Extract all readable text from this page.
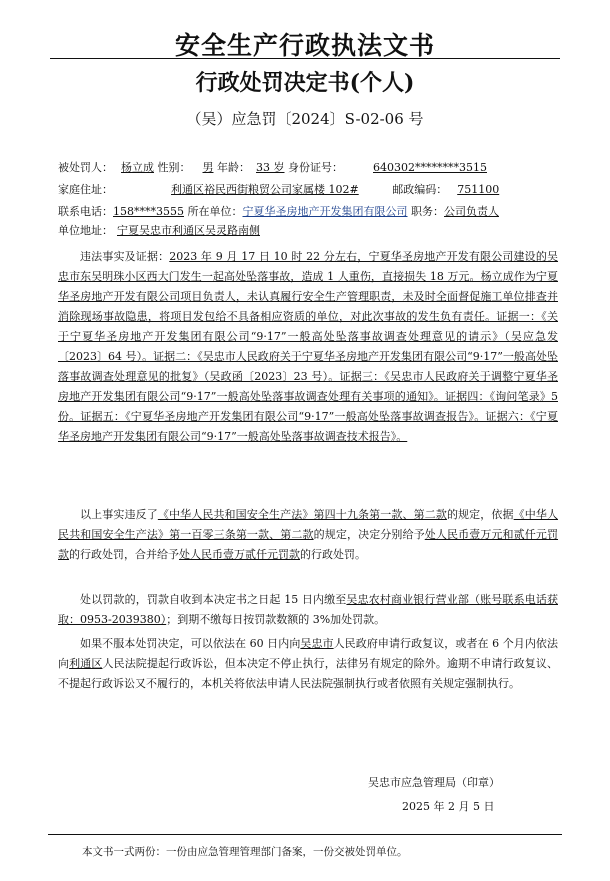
安全生产行政执法文书
行政处罚决定书(个人)
（吴）应急罚〔2024〕S-02-06 号
被处罚人： 杨立成 性别： 男 年龄： 33 岁 身份证号：	640302********3515
家庭住址：	利通区裕民西街粮贸公司家属楼 102#	邮政编码： 751100
联系电话：158****3555 所在单位：宁夏华圣房地产开发集团有限公司 职务：公司负责人
单位地址： 宁夏吴忠市利通区吴灵路南侧

违法事实及证据：2023 年 9 月 17 日 10 时 22 分左右，宁夏华圣房地产开发有限公司建设的吴忠市东吴明珠小区西大门发生一起高处坠落事故，造成 1 人重伤，直接损失 18 万元。杨立成作为宁夏华圣房地产开发有限公司项目负责人，未认真履行安全生产管理职责，未及时全面督促施工单位排查并消除现场事故隐患，将项目发包给不具备相应资质的单位，对此次事故的发生负有责任。证据一：《关于宁夏华圣房地产开发集团有限公司“9·17”一般高处坠落事故调查处理意见的请示》（吴应急发〔2023〕64 号）。证据二：《吴忠市人民政府关于宁夏华圣房地产开发集团有限公司“9·17”一般高处坠落事故调查处理意见的批复》（吴政函〔2023〕23 号）。证据三：《吴忠市人民政府关于调整宁夏华圣房地产开发集团有限公司“9·17”一般高处坠落事故调查处理有关事项的通知》。证据四：《询问笔录》5 份。证据五：《宁夏华圣房地产开发集团有限公司“9·17”一般高处坠落事故调查报告》。证据六：《宁夏华圣房地产开发集团有限公司“9·17”一般高处坠落事故调查技术报告》。

以上事实违反了《中华人民共和国安全生产法》第四十九条第一款、第二款的规定，依据《中华人民共和国安全生产法》第一百零三条第一款、第二款的规定，决定分别给予处人民币壹万元和贰仟元罚款的行政处罚，合并给予处人民币壹万贰仟元罚款的行政处罚。

处以罚款的，罚款自收到本决定书之日起 15 日内缴至吴忠农村商业银行营业部（账号联系电话获取：0953-2039380）；到期不缴每日按罚款数额的 3%加处罚款。

如果不服本处罚决定，可以依法在 60 日内向吴忠市人民政府申请行政复议，或者在 6 个月内依法向利通区人民法院提起行政诉讼，但本决定不停止执行，法律另有规定的除外。逾期不申请行政复议、不提起行政诉讼又不履行的，本机关将依法申请人民法院强制执行或者依照有关规定强制执行。

吴忠市应急管理局（印章）
2025 年 2 月 5 日
本文书一式两份：一份由应急管理管理部门备案，一份交被处罚单位。
